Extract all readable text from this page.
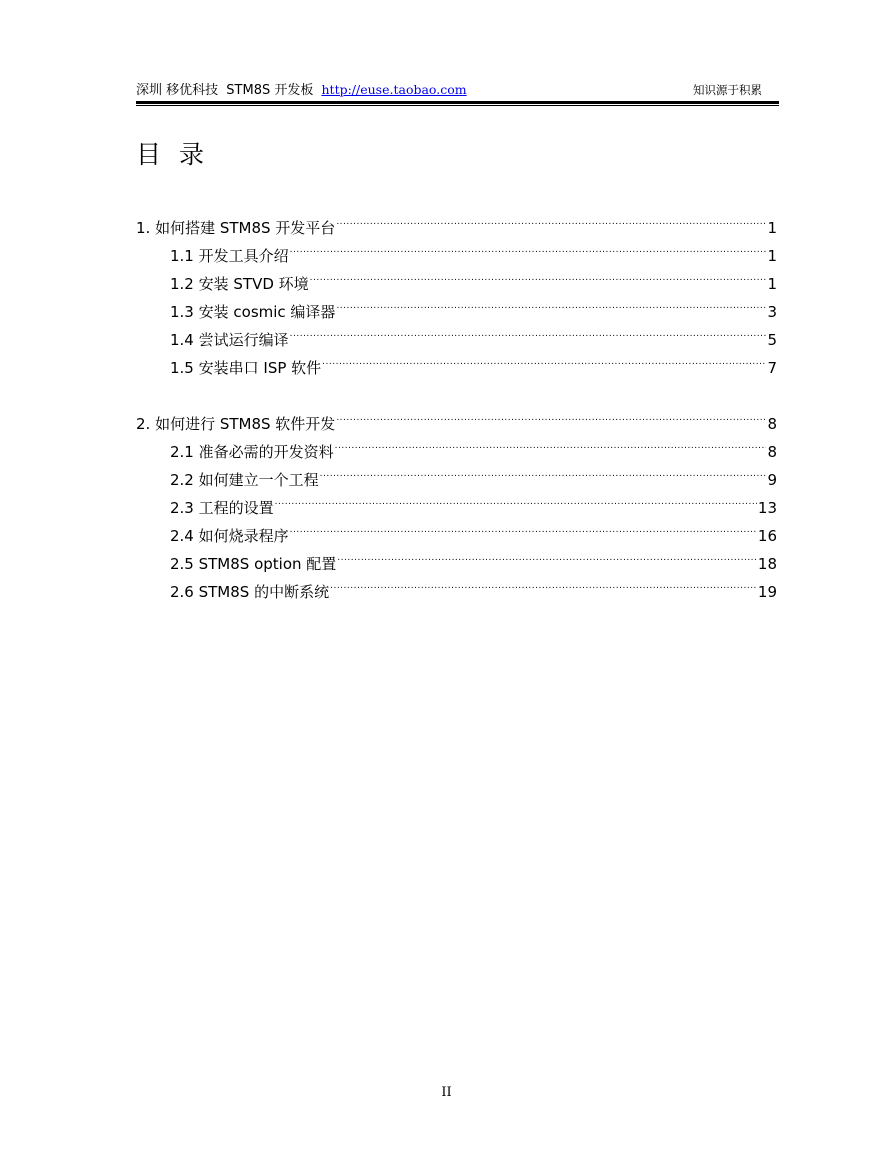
深圳 移优科技 STM8S 开发板 http://euse.taobao.com	知识源于积累
目录
1. 如何搭建 STM8S 开发平台 .....	1
1.1 开发工具介绍 .....	1
1.2 安装 STVD 环境 .....	1
1.3 安装 cosmic 编译器 .....	3
1.4 尝试运行编译 .....	5
1.5 安装串口 ISP 软件 .....	7
2. 如何进行 STM8S 软件开发 .....	8
2.1 准备必需的开发资料 .....	8
2.2 如何建立一个工程 .....	9
2.3 工程的设置 .....	13
2.4 如何烧录程序 .....	16
2.5 STM8S option 配置 .....	18
2.6 STM8S 的中断系统 .....	19
II
